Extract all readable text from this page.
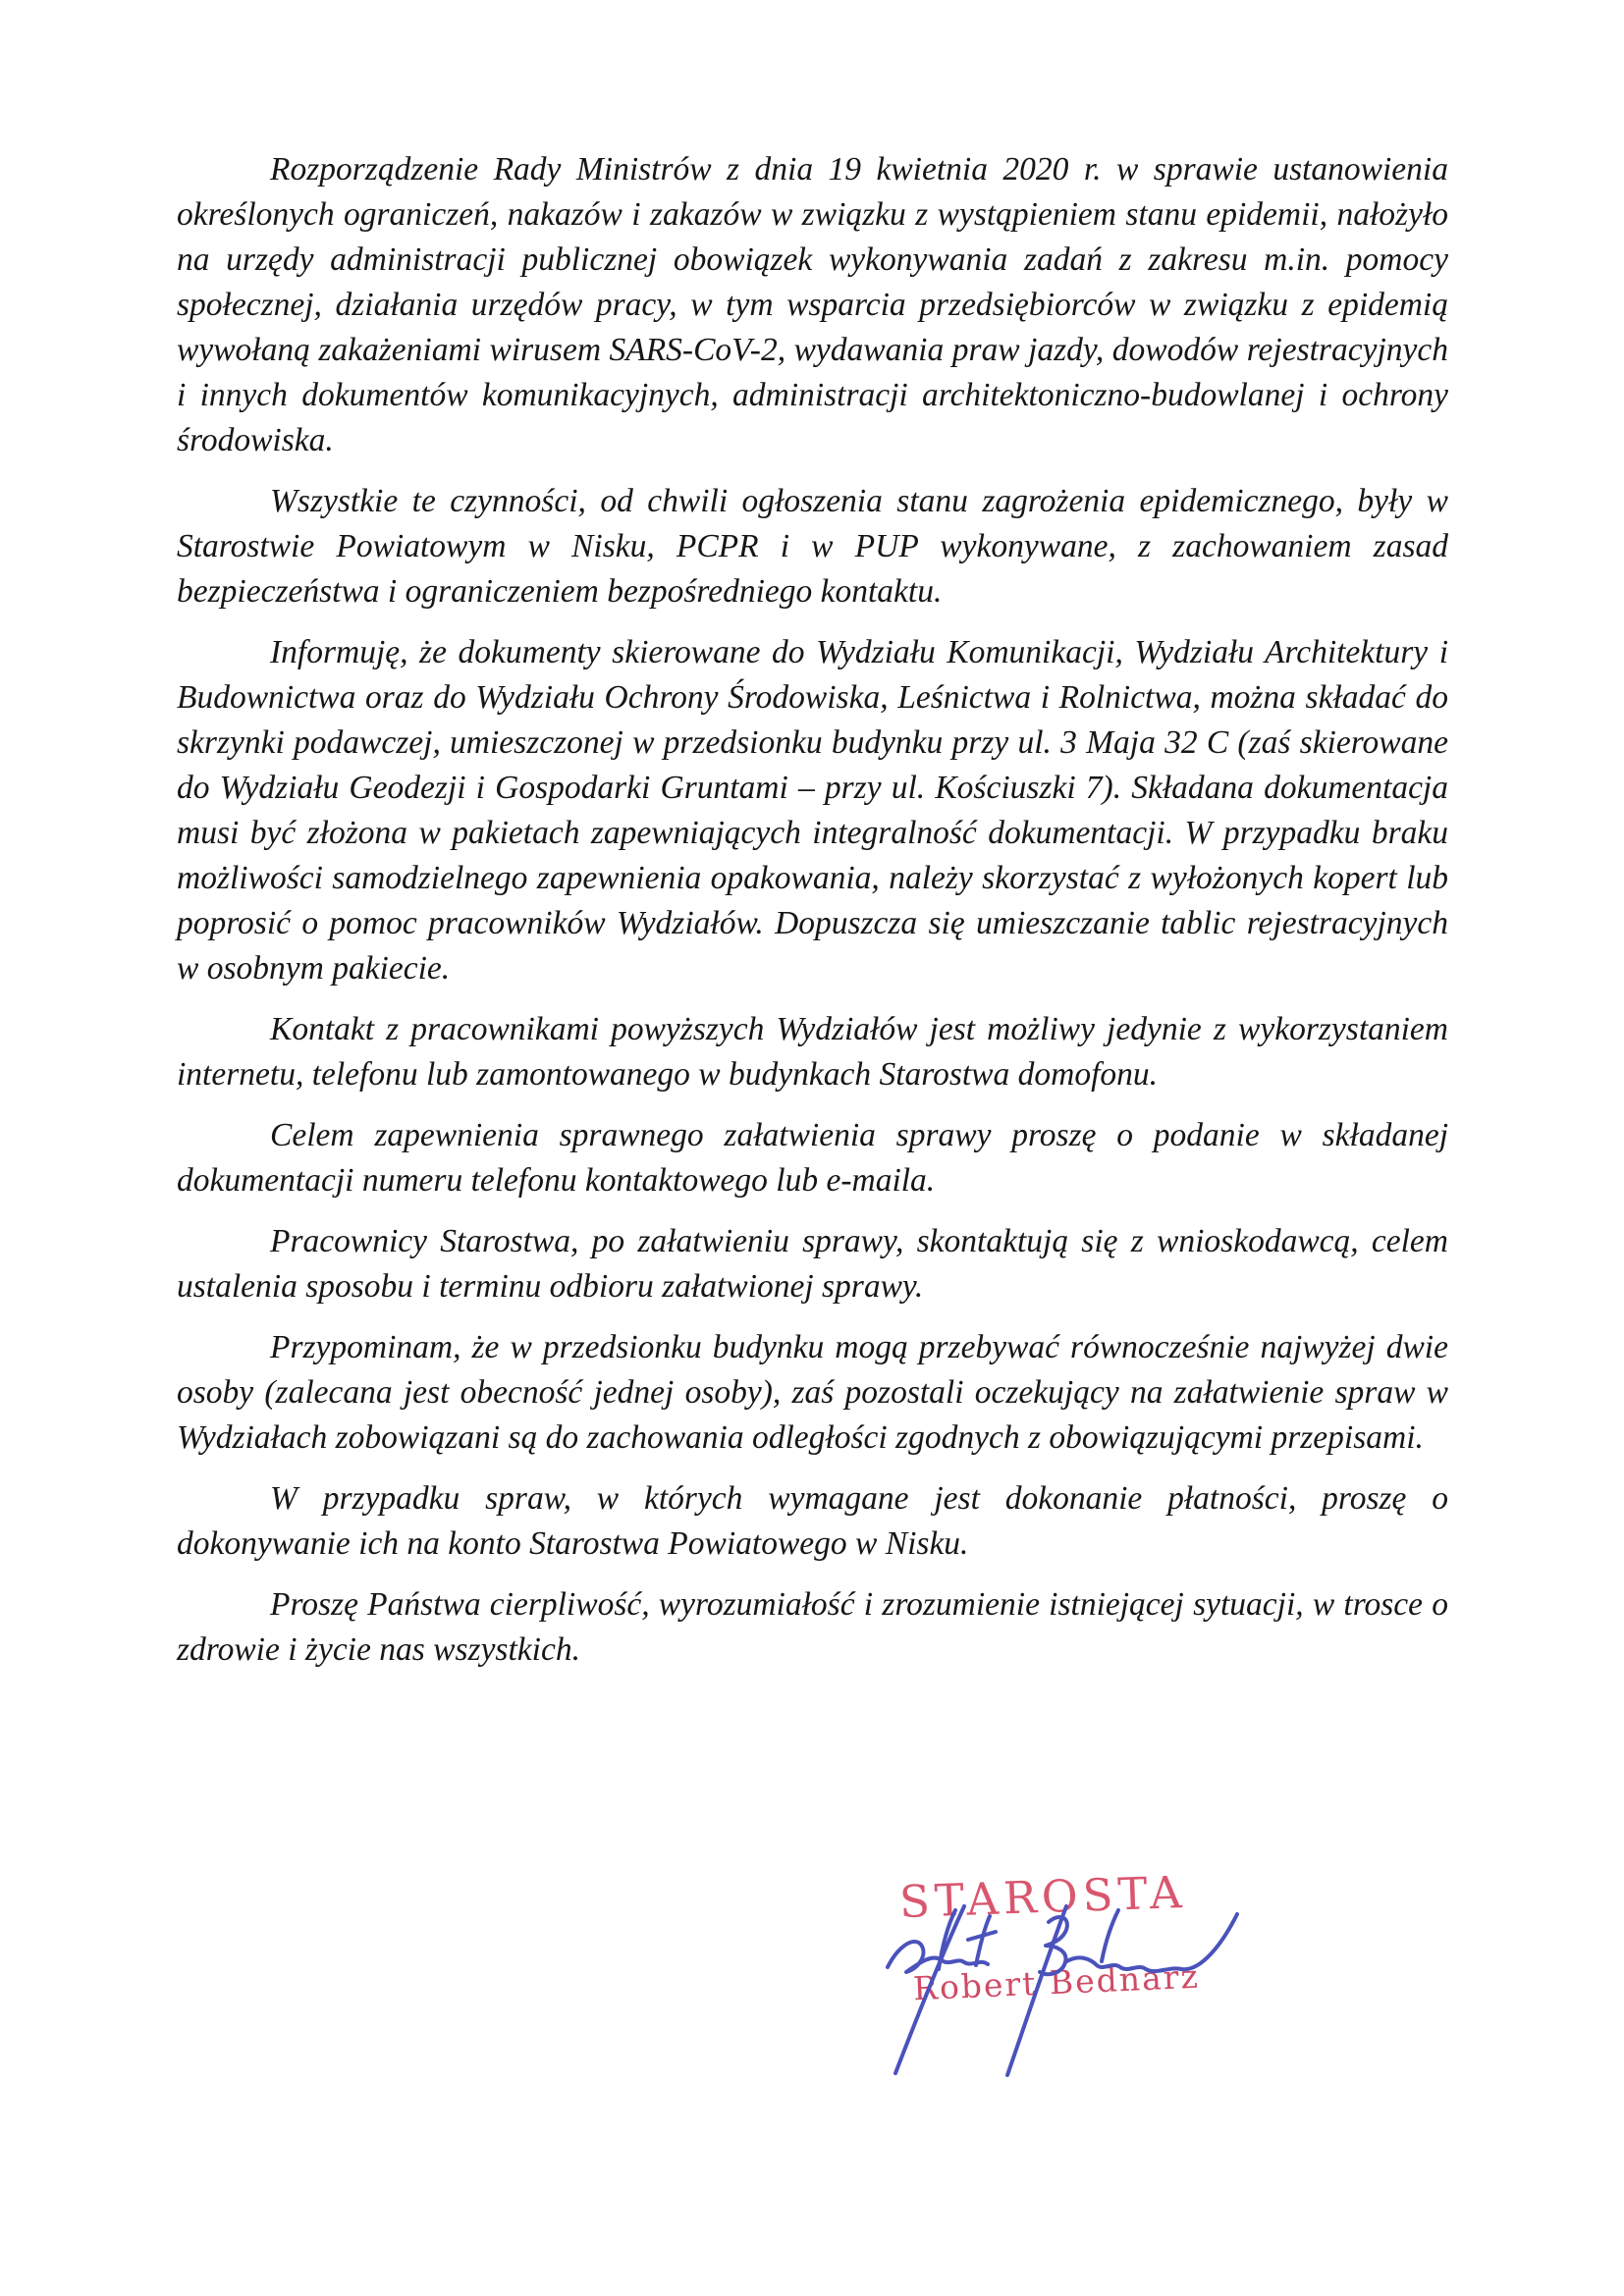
Rozporządzenie Rady Ministrów z dnia 19 kwietnia 2020 r. w sprawie ustanowienia określonych ograniczeń, nakazów i zakazów w związku z wystąpieniem stanu epidemii, nałożyło na urzędy administracji publicznej obowiązek wykonywania zadań z zakresu m.in. pomocy społecznej, działania urzędów pracy, w tym wsparcia przedsiębiorców w związku z epidemią wywołaną zakażeniami wirusem SARS-CoV-2, wydawania praw jazdy, dowodów rejestracyjnych i innych dokumentów komunikacyjnych, administracji architektoniczno-budowlanej i ochrony środowiska.

Wszystkie te czynności, od chwili ogłoszenia stanu zagrożenia epidemicznego, były w Starostwie Powiatowym w Nisku, PCPR i w PUP wykonywane, z zachowaniem zasad bezpieczeństwa i ograniczeniem bezpośredniego kontaktu.

Informuję, że dokumenty skierowane do Wydziału Komunikacji, Wydziału Architektury i Budownictwa oraz do Wydziału Ochrony Środowiska, Leśnictwa i Rolnictwa, można składać do skrzynki podawczej, umieszczonej w przedsionku budynku przy ul. 3 Maja 32 C (zaś skierowane do Wydziału Geodezji i Gospodarki Gruntami – przy ul. Kościuszki 7). Składana dokumentacja musi być złożona w pakietach zapewniających integralność dokumentacji. W przypadku braku możliwości samodzielnego zapewnienia opakowania, należy skorzystać z wyłożonych kopert lub poprosić o pomoc pracowników Wydziałów. Dopuszcza się umieszczanie tablic rejestracyjnych w osobnym pakiecie.

Kontakt z pracownikami powyższych Wydziałów jest możliwy jedynie z wykorzystaniem internetu, telefonu lub zamontowanego w budynkach Starostwa domofonu.

Celem zapewnienia sprawnego załatwienia sprawy proszę o podanie w składanej dokumentacji numeru telefonu kontaktowego lub e-maila.

Pracownicy Starostwa, po załatwieniu sprawy, skontaktują się z wnioskodawcą, celem ustalenia sposobu i terminu odbioru załatwionej sprawy.

Przypominam, że w przedsionku budynku mogą przebywać równocześnie najwyżej dwie osoby (zalecana jest obecność jednej osoby), zaś pozostali oczekujący na załatwienie spraw w Wydziałach zobowiązani są do zachowania odległości zgodnych z obowiązującymi przepisami.

W przypadku spraw, w których wymagane jest dokonanie płatności, proszę o dokonywanie ich na konto Starostwa Powiatowego w Nisku.

Proszę Państwa cierpliwość, wyrozumiałość i zrozumienie istniejącej sytuacji, w trosce o zdrowie i życie nas wszystkich.

STAROSTA
Robert Bednarz
